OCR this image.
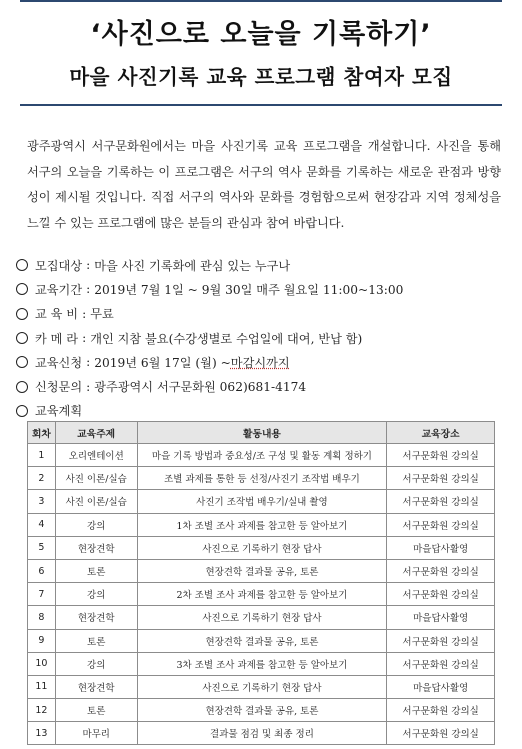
‘사진으로 오늘을 기록하기’
마을 사진기록 교육 프로그램 참여자 모집

광주광역시 서구문화원에서는 마을 사진기록 교육 프로그램을 개설합니다. 사진을 통해 서구의 오늘을 기록하는 이 프로그램은 서구의 역사 문화를 기록하는 새로운 관점과 방향성이 제시될 것입니다. 직접 서구의 역사와 문화를 경험함으로써 현장감과 지역 정체성을 느낄 수 있는 프로그램에 많은 분들의 관심과 참여 바랍니다.

모집대상 : 마을 사진 기록화에 관심 있는 누구나
교육기간 : 2019년 7월 1일 ~ 9월 30일 매주 월요일 11:00~13:00
교 육 비 : 무료
카 메 라 : 개인 지참 불요(수강생별로 수업일에 대여, 반납 함)
교육신청 : 2019년 6월 17일 (월) ~ 마감시까지
신청문의 : 광주광역시 서구문화원 062)681-4174
교육계획
회차	교육주제	활동내용	교육장소
1	오리엔테이션	마을 기록 방법과 중요성/조 구성 및 활동 계획 정하기	서구문화원 강의실
2	사진 이론/실습	조별 과제를 통한 등 선정/사진기 조작법 배우기	서구문화원 강의실
3	사진 이론/실습	사진기 조작법 배우기/실내 촬영	서구문화원 강의실
4	강의	1차 조별 조사 과제를 참고한 등 알아보기	서구문화원 강의실
5	현장견학	사진으로 기록하기 현장 답사	마을답사활영
6	토론	현장견학 결과물 공유, 토론	서구문화원 강의실
7	강의	2차 조별 조사 과제를 참고한 등 알아보기	서구문화원 강의실
8	현장견학	사진으로 기록하기 현장 답사	마을답사활영
9	토론	현장견학 결과물 공유, 토론	서구문화원 강의실
10	강의	3차 조별 조사 과제를 참고한 등 알아보기	서구문화원 강의실
11	현장견학	사진으로 기록하기 현장 답사	마을답사활영
12	토론	현장견학 결과물 공유, 토론	서구문화원 강의실
13	마무리	결과물 점검 및 최종 정리	서구문화원 강의실
